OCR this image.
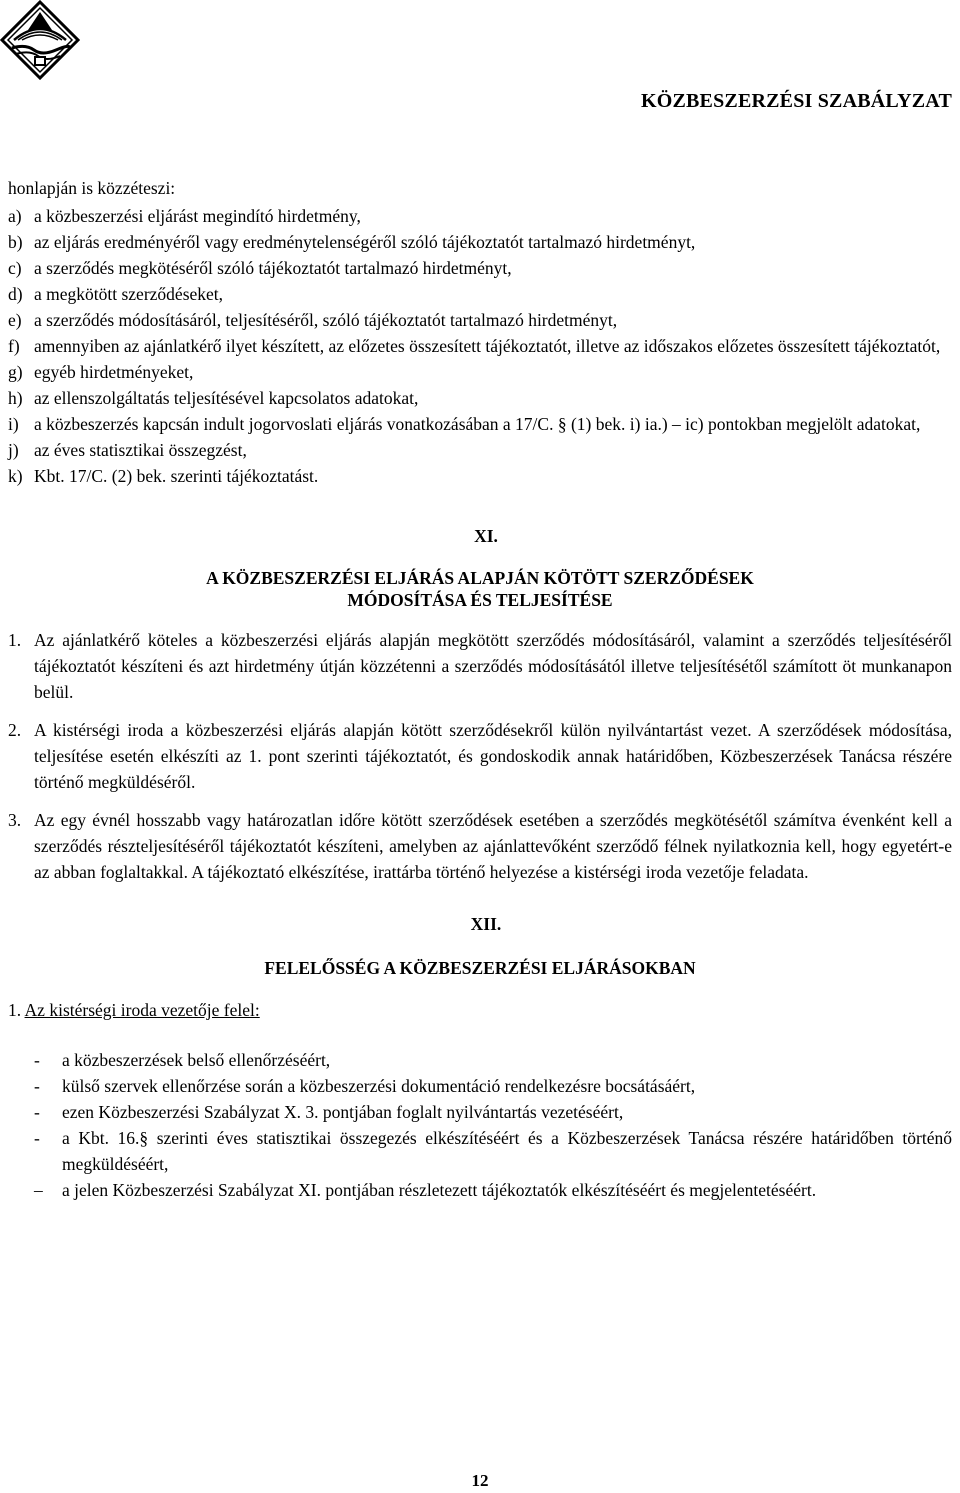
KÖZBESZERZÉSI SZABÁLYZAT

honlapján is közzéteszi:

a) a közbeszerzési eljárást megindító hirdetmény,
b) az eljárás eredményéről vagy eredménytelenségéről szóló tájékoztatót tartalmazó hirdetményt,
c) a szerződés megkötéséről szóló tájékoztatót tartalmazó hirdetményt,
d) a megkötött szerződéseket,
e) a szerződés módosításáról, teljesítéséről, szóló tájékoztatót tartalmazó hirdetményt,
f) amennyiben az ajánlatkérő ilyet készített, az előzetes összesített tájékoztatót, illetve az időszakos előzetes összesített tájékoztatót,
g) egyéb hirdetményeket,
h) az ellenszolgáltatás teljesítésével kapcsolatos adatokat,
i) a közbeszerzés kapcsán indult jogorvoslati eljárás vonatkozásában a 17/C. § (1) bek. i) ia.) – ic) pontokban megjelölt adatokat,
j) az éves statisztikai összegzést,
k) Kbt. 17/C. (2) bek. szerinti tájékoztatást.
XI.
A KÖZBESZERZÉSI ELJÁRÁS ALAPJÁN KÖTÖTT SZERZŐDÉSEK
MÓDOSÍTÁSA ÉS TELJESÍTÉSE
1. Az ajánlatkérő köteles a közbeszerzési eljárás alapján megkötött szerződés módosításáról, valamint a szerződés teljesítéséről tájékoztatót készíteni és azt hirdetmény útján közzétenni a szerződés módosításától illetve teljesítésétől számított öt munkanapon belül.
2. A kistérségi iroda a közbeszerzési eljárás alapján kötött szerződésekről külön nyilvántartást vezet. A szerződések módosítása, teljesítése esetén elkészíti az 1. pont szerinti tájékoztatót, és gondoskodik annak határidőben, Közbeszerzések Tanácsa részére történő megküldéséről.
3. Az egy évnél hosszabb vagy határozatlan időre kötött szerződések esetében a szerződés megkötésétől számítva évenként kell a szerződés részteljesítéséről tájékoztatót készíteni, amelyben az ajánlattevőként szerződő félnek nyilatkoznia kell, hogy egyetért-e az abban foglaltakkal. A tájékoztató elkészítése, irattárba történő helyezése a kistérségi iroda vezetője feladata.
XII.
FELELŐSSÉG A KÖZBESZERZÉSI ELJÁRÁSOKBAN
1. Az kistérségi iroda vezetője felel:
- a közbeszerzések belső ellenőrzéséért,
- külső szervek ellenőrzése során a közbeszerzési dokumentáció rendelkezésre bocsátásáért,
- ezen Közbeszerzési Szabályzat X. 3. pontjában foglalt nyilvántartás vezetéséért,
- a Kbt. 16.§ szerinti éves statisztikai összegezés elkészítéséért és a Közbeszerzések Tanácsa részére határidőben történő megküldéséért,
– a jelen Közbeszerzési Szabályzat XI. pontjában részletezett tájékoztatók elkészítéséért és megjelentetéséért.
12
